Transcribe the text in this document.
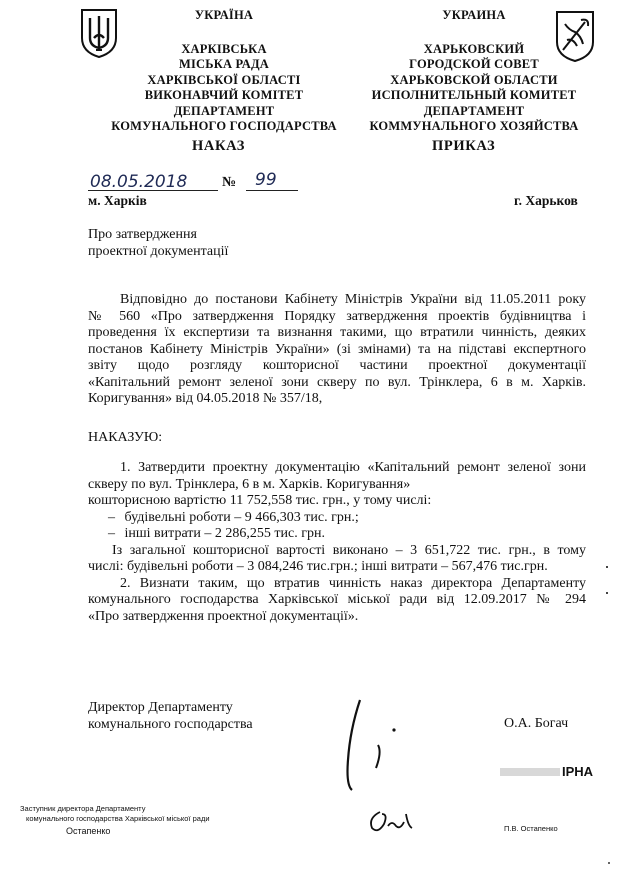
УКРАЇНА
ХАРКІВСЬКА
МІСЬКА РАДА
ХАРКІВСЬКОЇ ОБЛАСТІ
ВИКОНАВЧИЙ КОМІТЕТ
ДЕПАРТАМЕНТ
КОМУНАЛЬНОГО ГОСПОДАРСТВА
УКРАИНА
ХАРЬКОВСКИЙ
ГОРОДСКОЙ СОВЕТ
ХАРЬКОВСКОЙ ОБЛАСТИ
ИСПОЛНИТЕЛЬНЫЙ КОМИТЕТ
ДЕПАРТАМЕНТ
КОММУНАЛЬНОГО ХОЗЯЙСТВА
НАКАЗ	ПРИКАЗ
08.05.2018 № 99
м. Харків	г. Харьков
Про затвердження
проектної документації
Відповідно до постанови Кабінету Міністрів України від 11.05.2011 року
№ 560 «Про затвердження Порядку затвердження проектів будівництва і
проведення їх експертизи та визнання такими, що втратили чинність, деяких
постанов Кабінету Міністрів України» (зі змінами) та на підставі експертного
звіту щодо розгляду кошторисної частини проектної документації
«Капітальний ремонт зеленої зони скверу по вул. Трінклера, 6 в м. Харків.
Коригування» від 04.05.2018 № 357/18,
НАКАЗУЮ:
1. Затвердити проектну документацію «Капітальний ремонт зеленої зони
скверу по вул. Трінклера, 6 в м. Харків. Коригування»
кошторисною вартістю 11 752,558 тис. грн., у тому числі:
– будівельні роботи – 9 466,303 тис. грн.;
– інші витрати – 2 286,255 тис. грн.
Із загальної кошторисної вартості виконано – 3 651,722 тис. грн., в тому
числі: будівельні роботи – 3 084,246 тис.грн.; інші витрати – 567,476 тис.грн.
2. Визнати таким, що втратив чинність наказ директора Департаменту
комунального господарства Харківської міської ради від 12.09.2017 № 294
«Про затвердження проектної документації».
Директор Департаменту
комунального господарства	О.А. Богач
ІРНА
Заступник директора Департаменту
комунального господарства Харківської міської ради
Остапенко	П.В. Остапенко
